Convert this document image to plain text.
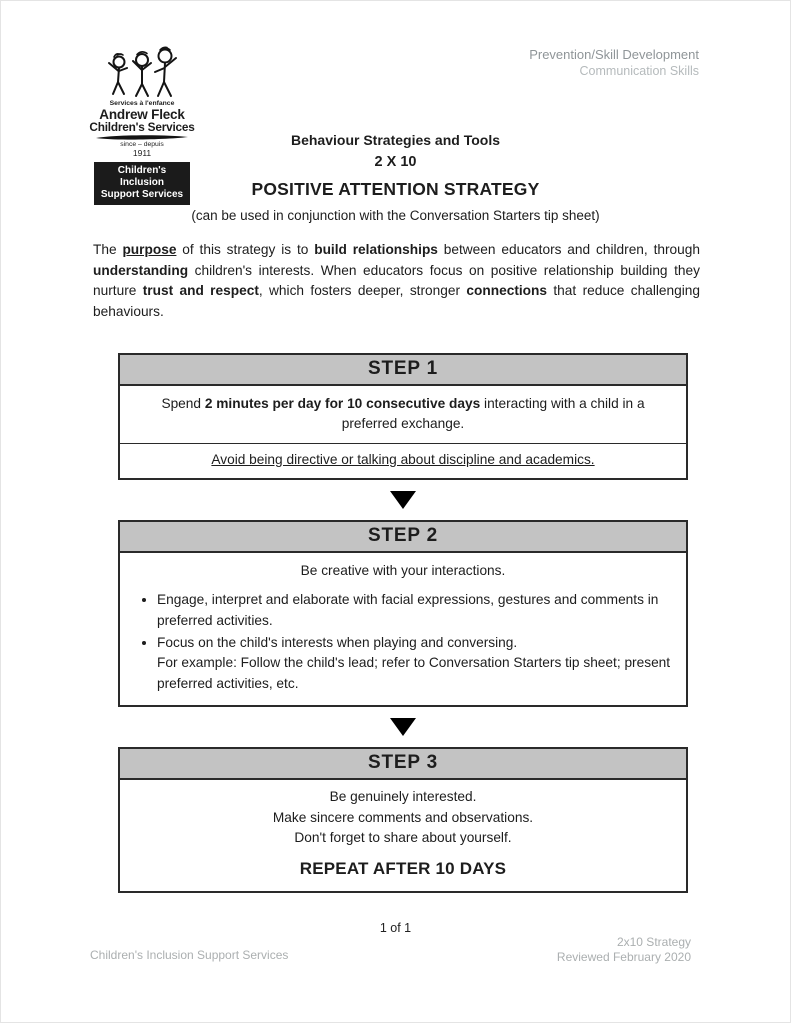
Prevention/Skill Development
Communication Skills
Services à l'enfance
Andrew Fleck
Children's Services
since – depuis
1911
Children's Inclusion
Support Services
Behaviour Strategies and Tools
2 X 10
POSITIVE ATTENTION STRATEGY
(can be used in conjunction with the Conversation Starters tip sheet)

The purpose of this strategy is to build relationships between educators and children, through understanding children's interests. When educators focus on positive relationship building they nurture trust and respect, which fosters deeper, stronger connections that reduce challenging behaviours.

STEP 1
Spend 2 minutes per day for 10 consecutive days interacting with a child in a preferred exchange.
Avoid being directive or talking about discipline and academics.
STEP 2
Be creative with your interactions.
• Engage, interpret and elaborate with facial expressions, gestures and comments in preferred activities.
• Focus on the child's interests when playing and conversing.
For example: Follow the child's lead; refer to Conversation Starters tip sheet; present preferred activities, etc.
STEP 3
Be genuinely interested.
Make sincere comments and observations.
Don't forget to share about yourself.
REPEAT AFTER 10 DAYS
1 of 1
Children's Inclusion Support Services
2x10 Strategy
Reviewed February 2020
